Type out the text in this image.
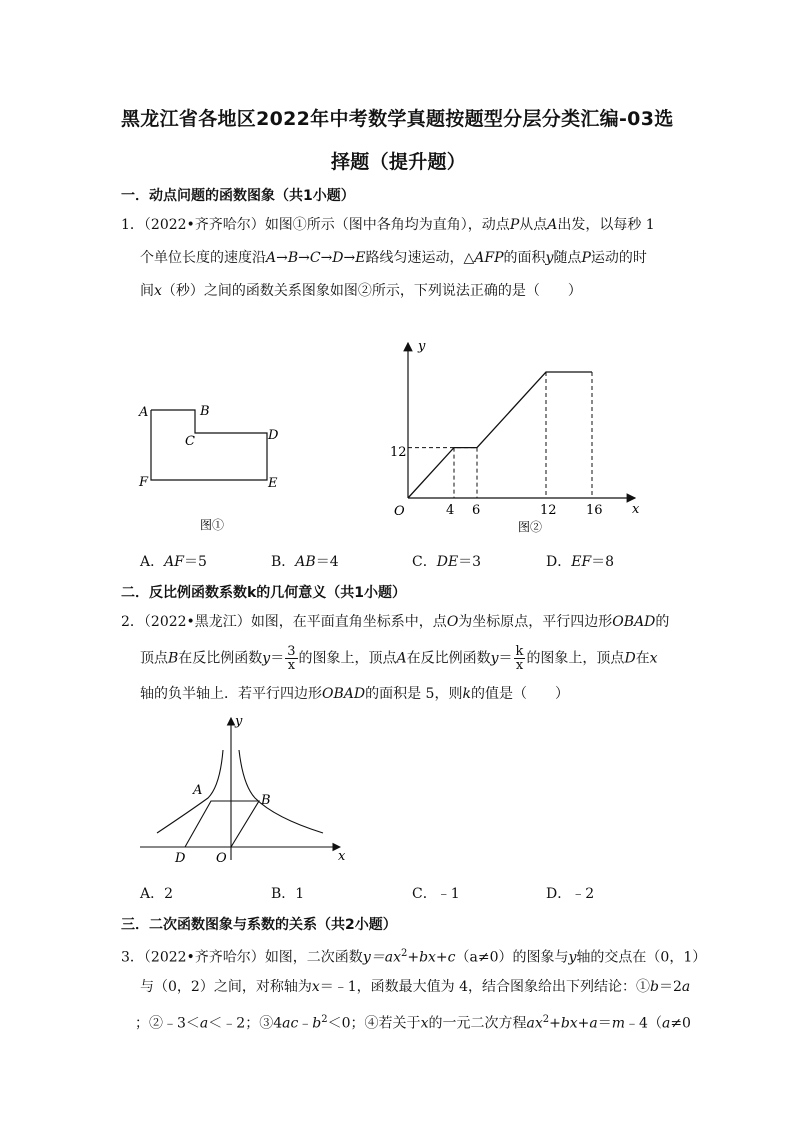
黑龙江省各地区2022年中考数学真题按题型分层分类汇编-03选
择题（提升题）
一．动点问题的函数图象（共1小题）
1．（2022•齐齐哈尔）如图①所示（图中各角均为直角），动点P从点A出发，以每秒 1
个单位长度的速度沿A→B→C→D→E路线匀速运动，△AFP的面积y随点P运动的时
间x（秒）之间的函数关系图象如图②所示，下列说法正确的是（　　）
A	B
C	D
E
F
图①
y
x
O
12
4 6	12 16
图②
A．AF＝5	B．AB＝4	C．DE＝3	D．EF＝8
二．反比例函数系数k的几何意义（共1小题）
2．（2022•黑龙江）如图，在平面直角坐标系中，点O为坐标原点，平行四边形OBAD的
顶点B在反比例函数$y= \frac{3}{x}$ 的图象上，顶点A在反比例函数$y= \frac{k}{x}$ 的图象上，顶点D在x
轴的负半轴上．若平行四边形OBAD的面积是 5，则k的值是（　　）
y
x
A
B
D O
A．2	B．1	C．﹣1	D．﹣2
三．二次函数图象与系数的关系（共2小题）
3．（2022•齐齐哈尔）如图，二次函数$y=ax^2+bx+c(a\ne 0)$的图象与y轴的交点在（0，1）
与（0，2）之间，对称轴为x＝﹣1，函数最大值为 4，结合图象给出下列结论：①b＝2a
；②﹣3＜a＜﹣2；$③4ac﹣b^2<0$；④若关于x的一元二次方程$ax^2+bx+a=m﹣4(a\ne 0$
